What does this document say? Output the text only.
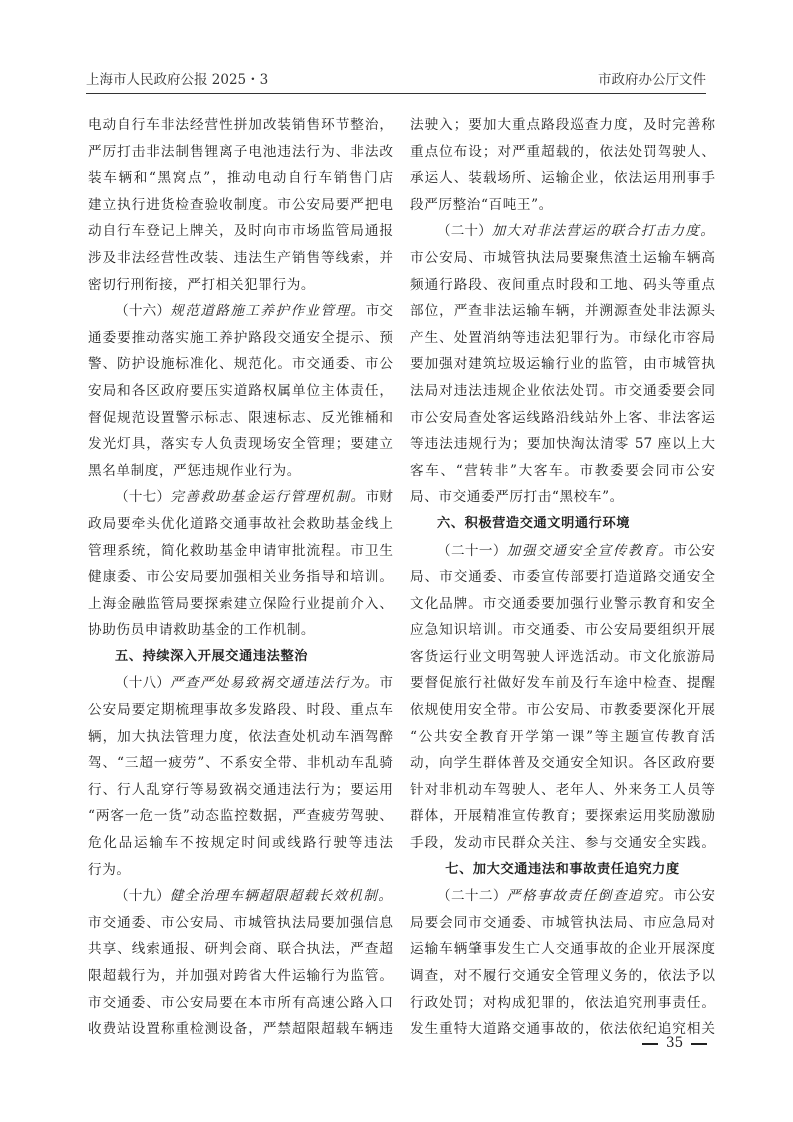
上海市人民政府公报 2025・3	市政府办公厅文件
电动自行车非法经营性拼加改装销售环节整治，
严厉打击非法制售锂离子电池违法行为、非法改
装车辆和“黑窝点”，推动电动自行车销售门店
建立执行进货检查验收制度。市公安局要严把电
动自行车登记上牌关，及时向市市场监管局通报
涉及非法经营性改装、违法生产销售等线索，并
密切行刑衔接，严打相关犯罪行为。
（十六）规范道路施工养护作业管理。市交
通委要推动落实施工养护路段交通安全提示、预
警、防护设施标准化、规范化。市交通委、市公
安局和各区政府要压实道路权属单位主体责任，
督促规范设置警示标志、限速标志、反光锥桶和
发光灯具，落实专人负责现场安全管理；要建立
黑名单制度，严惩违规作业行为。
（十七）完善救助基金运行管理机制。市财
政局要牵头优化道路交通事故社会救助基金线上
管理系统，简化救助基金申请审批流程。市卫生
健康委、市公安局要加强相关业务指导和培训。
上海金融监管局要探索建立保险行业提前介入、
协助伤员申请救助基金的工作机制。
五、持续深入开展交通违法整治
（十八）严查严处易致祸交通违法行为。市
公安局要定期梳理事故多发路段、时段、重点车
辆，加大执法管理力度，依法查处机动车酒驾醉
驾、“三超一疲劳”、不系安全带、非机动车乱骑
行、行人乱穿行等易致祸交通违法行为；要运用
“两客一危一货”动态监控数据，严查疲劳驾驶、
危化品运输车不按规定时间或线路行驶等违法
行为。
（十九）健全治理车辆超限超载长效机制。
市交通委、市公安局、市城管执法局要加强信息
共享、线索通报、研判会商、联合执法，严查超
限超载行为，并加强对跨省大件运输行为监管。
市交通委、市公安局要在本市所有高速公路入口
收费站设置称重检测设备，严禁超限超载车辆违
法驶入；要加大重点路段巡查力度，及时完善称
重点位布设；对严重超载的，依法处罚驾驶人、
承运人、装载场所、运输企业，依法运用刑事手
段严厉整治“百吨王”。
（二十）加大对非法营运的联合打击力度。
市公安局、市城管执法局要聚焦渣土运输车辆高
频通行路段、夜间重点时段和工地、码头等重点
部位，严查非法运输车辆，并溯源查处非法源头
产生、处置消纳等违法犯罪行为。市绿化市容局
要加强对建筑垃圾运输行业的监管，由市城管执
法局对违法违规企业依法处罚。市交通委要会同
市公安局查处客运线路沿线站外上客、非法客运
等违法违规行为；要加快淘汰清零 57 座以上大
客车、“营转非”大客车。市教委要会同市公安
局、市交通委严厉打击“黑校车”。
六、积极营造交通文明通行环境
（二十一）加强交通安全宣传教育。市公安
局、市交通委、市委宣传部要打造道路交通安全
文化品牌。市交通委要加强行业警示教育和安全
应急知识培训。市交通委、市公安局要组织开展
客货运行业文明驾驶人评选活动。市文化旅游局
要督促旅行社做好发车前及行车途中检查、提醒
依规使用安全带。市公安局、市教委要深化开展
“公共安全教育开学第一课”等主题宣传教育活
动，向学生群体普及交通安全知识。各区政府要
针对非机动车驾驶人、老年人、外来务工人员等
群体，开展精准宣传教育；要探索运用奖励激励
手段，发动市民群众关注、参与交通安全实践。
七、加大交通违法和事故责任追究力度
（二十二）严格事故责任倒查追究。市公安
局要会同市交通委、市城管执法局、市应急局对
运输车辆肇事发生亡人交通事故的企业开展深度
调查，对不履行交通安全管理义务的，依法予以
行政处罚；对构成犯罪的，依法追究刑事责任。
发生重特大道路交通事故的，依法依纪追究相关
35
